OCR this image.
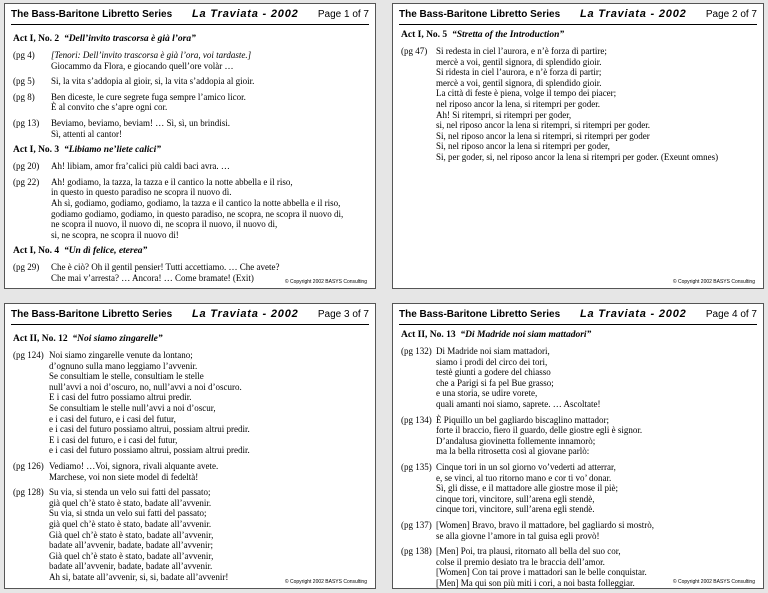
The Bass-Baritone Libretto Series La Traviata - 2002 Page 1 of 7
Act I, No. 2 “Dell’invito trascorsa è già l’ora”
(pg 4)	[Tenori: Dell’invito trascorsa è già l’ora, voi tardaste.]
Giocammo da Flora, e giocando quell’ore volàr …
(pg 5)	Si, la vita s’addopia al gioir, si, la vita s’addopia al gioir.
(pg 8)	Ben diceste, le cure segrete fuga sempre l’amico licor.
È al convito che s’apre ogni cor.
(pg 13)	Beviamo, beviamo, beviam! … Sì, sì, un brindisi.
Sì, attenti al cantor!
Act I, No. 3 “Libiamo ne’liete calici”
(pg 20)	Ah! libiam, amor fra’calici più caldi baci avra. …
(pg 22)	Ah! godiamo, la tazza, la tazza e il cantico la notte abbella e il riso,
in questo in questo paradiso ne scopra il nuovo dì.
Ah sì, godiamo, godiamo, godiamo, la tazza e il cantico la notte abbella e il riso,
godiamo godiamo, godiamo, in questo paradiso, ne scopra, ne scopra il nuovo di,
ne scopra il nuovo, il nuovo di, ne scopra il nuovo, il nuovo di,
si, ne scopra, ne scopra il nuovo di!
Act I, No. 4 “Un dì felice, eterea”
(pg 29)	Che è ciò? Oh il gentil pensier! Tutti accettiamo. … Che avete?
Che mai v’arresta? … Ancora! … Come bramate! (Exit)	© Copyright 2002 BASYS Consulting
The Bass-Baritone Libretto Series La Traviata - 2002 Page 2 of 7
Act I, No. 5 “Stretta of the Introduction”
(pg 47) Si redesta in ciel l’aurora, e n’è forza di partire;
mercè a voi, gentil signora, di splendido gioir.
Si ridesta in ciel l’aurora, e n’è forza di partir;
mercè a voi, gentil signora, di splendido gioir.
La città di feste è piena, volge il tempo dei piacer;
nel riposo ancor la lena, si ritempri per goder.
Ah! Si ritempri, si ritempri per goder,
si, nel riposo ancor la lena si ritempri, si ritempri per goder.
Si, nel riposo ancor la lena si ritempri, si ritempri per goder
Si, nel riposo ancor la lena si ritempri per goder,
Si, per goder, si, nel riposo ancor la lena si ritempri per goder. (Exeunt omnes)
© Copyright 2002 BASYS Consulting
The Bass-Baritone Libretto Series La Traviata - 2002 Page 3 of 7
Act II, No. 12 “Noi siamo zingarelle”
(pg 124) Noi siamo zingarelle venute da lontano;
d’ognuno sulla mano leggiamo l’avvenir.
Se consultiam le stelle, consultiam le stelle
null’avvi a noi d’oscuro, no, null’avvi a noi d’oscuro.
E i casi del futro possiamo altrui predir.
Se consultiam le stelle null’avvi a noi d’oscur,
e i casi del futuro, e i casi del futur,
e i casi del futuro possiamo altrui, possiam altrui predir.
E i casi del futuro, e i casi del futur,
e i casi del futuro possiamo altrui, possiam altrui predir.
(pg 126) Vediamo! …Voi, signora, rivali alquante avete.
Marchese, voi non siete model di fedeltà!
(pg 128) Su via, si stenda un velo sui fatti del passato;
già quel ch’è stato è stato, badate all’avvenir.
Su via, si stnda un velo sui fatti del passato;
già quel ch’è stato è stato, badate all’avvenir.
Già quel ch’è stato è stato, badate all’avvenir,
badate all’avvenir, badate, badate all’avvenir;
Già quel ch’è stato è stato, badate all’avvenir,
badate all’avvenir, badate, badate all’avvenir.
Ah si, batate all’avvenir, si, si, badate all’avvenir!
© Copyright 2002 BASYS Consulting
The Bass-Baritone Libretto Series La Traviata - 2002 Page 4 of 7
Act II, No. 13 “Di Madride noi siam mattadori”
(pg 132) Di Madride noi siam mattadori,
siamo i prodi del circo dei tori,
testè giunti a godere del chiasso
che a Parigi si fa pel Bue grasso;
e una storia, se udire vorete,
quali amanti noi siamo, saprete. … Ascoltate!
(pg 134) È Piquillo un bel gagliardo biscaglino mattador;
forte il braccio, fiero il guardo, delle giostre egli è signor.
D’andalusa giovinetta follemente innamorò;
ma la bella ritrosetta così al giovane parlò:
(pg 135) Cinque tori in un sol giorno vo’vederti ad atterrar,
e, se vinci, al tuo ritorno mano e cor ti vo’ donar.
Sì, gli disse, e il mattadore alle giostre mose il piè;
cinque tori, vincitore, sull’arena egli stendè,
cinque tori, vincitore, sull’arena egli stendè.
(pg 137) [Women] Bravo, bravo il mattadore, bel gagliardo si mostrò,
se alla giovne l’amore in tal guisa egli provò!
(pg 138) [Men] Poi, tra plausi, ritornato all bella del suo cor,
colse il premio desiato tra le braccia dell’amor.
[Women] Con tai prove i mattadori san le belle conquistar.
[Men] Ma qui son più miti i cori, a noi basta folleggiar.	© Copyright 2002 BASYS Consulting
